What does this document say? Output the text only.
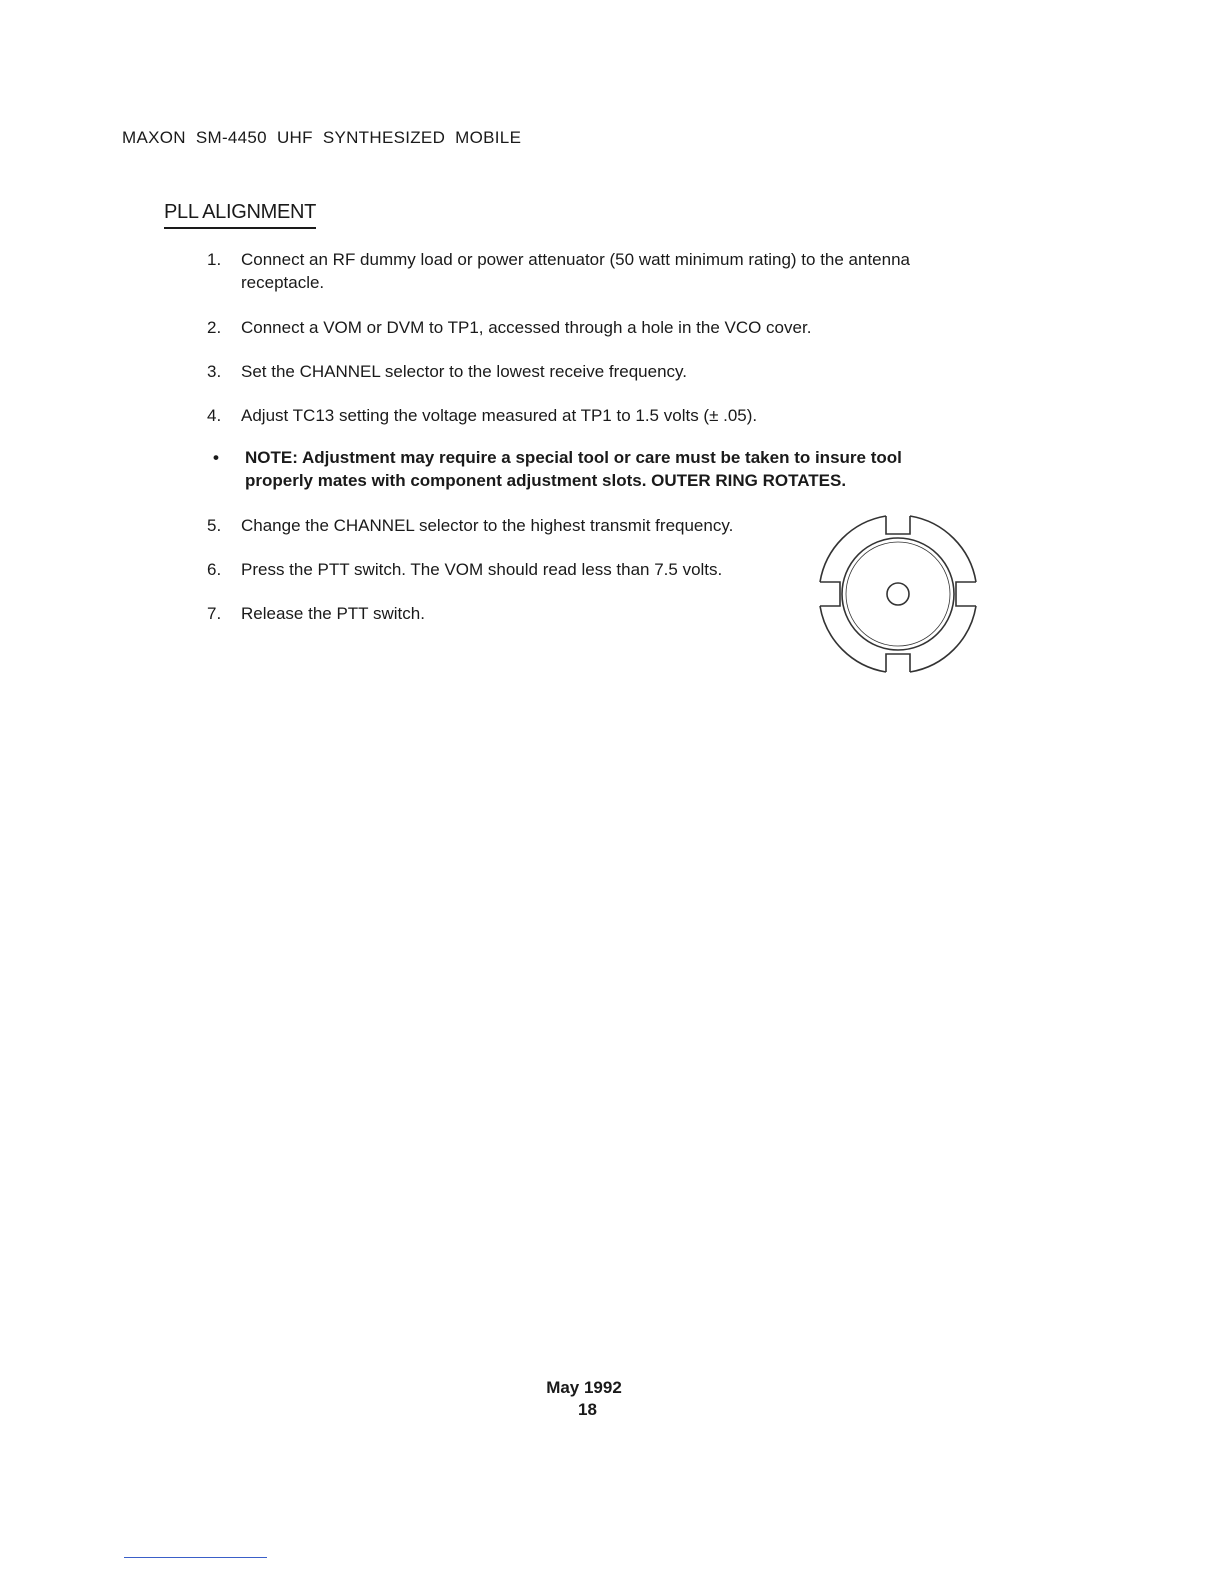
MAXON SM-4450 UHF SYNTHESIZED MOBILE
PLL ALIGNMENT
1.	Connect an RF dummy load or power attenuator (50 watt minimum rating) to the antenna receptacle.
2.	Connect a VOM or DVM to TP1, accessed through a hole in the VCO cover.
3.	Set the CHANNEL selector to the lowest receive frequency.
4.	Adjust TC13 setting the voltage measured at TP1 to 1.5 volts (± .05).
•	NOTE: Adjustment may require a special tool or care must be taken to insure tool properly mates with component adjustment slots. OUTER RING ROTATES.
5.	Change the CHANNEL selector to the highest transmit frequency.
6.	Press the PTT switch. The VOM should read less than 7.5 volts.
7.	Release the PTT switch.
May 1992
18
